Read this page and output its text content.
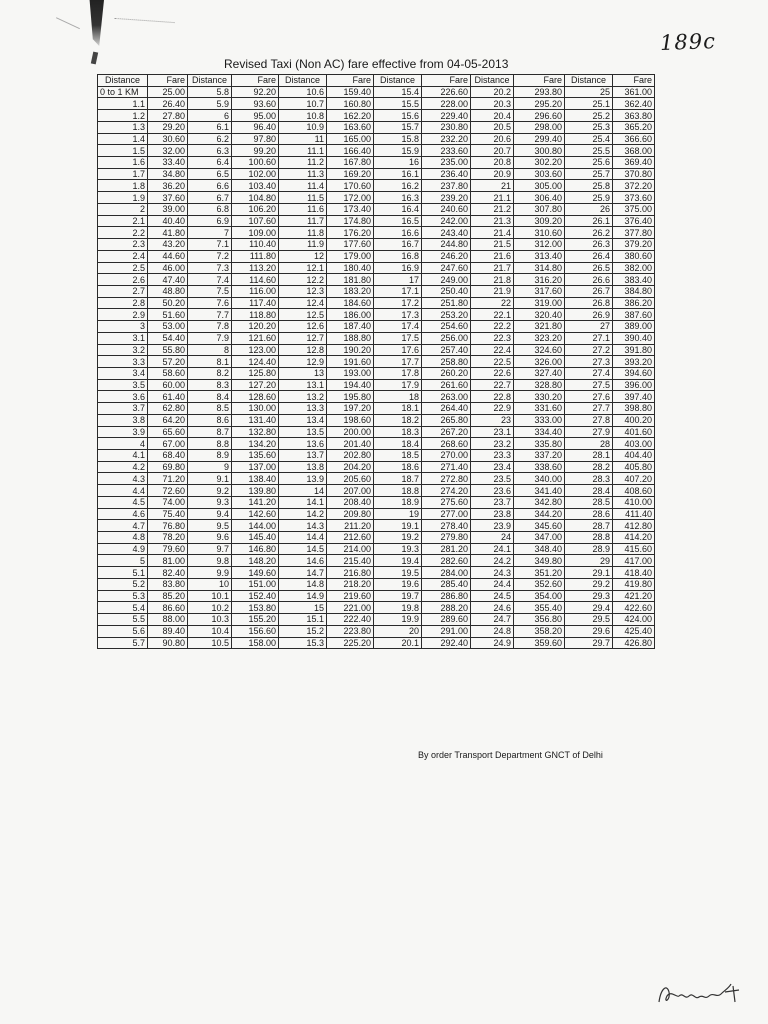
189c
Revised Taxi (Non AC) fare effective from 04-05-2013
Distance	Fare	Distance	Fare	Distance	Fare	Distance	Fare	Distance	Fare	Distance	Fare
0 to 1 KM	25.00	5.8	92.20	10.6	159.40	15.4	226.60	20.2	293.80	25	361.00
1.1	26.40	5.9	93.60	10.7	160.80	15.5	228.00	20.3	295.20	25.1	362.40
1.2	27.80	6	95.00	10.8	162.20	15.6	229.40	20.4	296.60	25.2	363.80
1.3	29.20	6.1	96.40	10.9	163.60	15.7	230.80	20.5	298.00	25.3	365.20
1.4	30.60	6.2	97.80	11	165.00	15.8	232.20	20.6	299.40	25.4	366.60
1.5	32.00	6.3	99.20	11.1	166.40	15.9	233.60	20.7	300.80	25.5	368.00
1.6	33.40	6.4	100.60	11.2	167.80	16	235.00	20.8	302.20	25.6	369.40
1.7	34.80	6.5	102.00	11.3	169.20	16.1	236.40	20.9	303.60	25.7	370.80
1.8	36.20	6.6	103.40	11.4	170.60	16.2	237.80	21	305.00	25.8	372.20
1.9	37.60	6.7	104.80	11.5	172.00	16.3	239.20	21.1	306.40	25.9	373.60
2	39.00	6.8	106.20	11.6	173.40	16.4	240.60	21.2	307.80	26	375.00
2.1	40.40	6.9	107.60	11.7	174.80	16.5	242.00	21.3	309.20	26.1	376.40
2.2	41.80	7	109.00	11.8	176.20	16.6	243.40	21.4	310.60	26.2	377.80
2.3	43.20	7.1	110.40	11.9	177.60	16.7	244.80	21.5	312.00	26.3	379.20
2.4	44.60	7.2	111.80	12	179.00	16.8	246.20	21.6	313.40	26.4	380.60
2.5	46.00	7.3	113.20	12.1	180.40	16.9	247.60	21.7	314.80	26.5	382.00
2.6	47.40	7.4	114.60	12.2	181.80	17	249.00	21.8	316.20	26.6	383.40
2.7	48.80	7.5	116.00	12.3	183.20	17.1	250.40	21.9	317.60	26.7	384.80
2.8	50.20	7.6	117.40	12.4	184.60	17.2	251.80	22	319.00	26.8	386.20
2.9	51.60	7.7	118.80	12.5	186.00	17.3	253.20	22.1	320.40	26.9	387.60
3	53.00	7.8	120.20	12.6	187.40	17.4	254.60	22.2	321.80	27	389.00
3.1	54.40	7.9	121.60	12.7	188.80	17.5	256.00	22.3	323.20	27.1	390.40
3.2	55.80	8	123.00	12.8	190.20	17.6	257.40	22.4	324.60	27.2	391.80
3.3	57.20	8.1	124.40	12.9	191.60	17.7	258.80	22.5	326.00	27.3	393.20
3.4	58.60	8.2	125.80	13	193.00	17.8	260.20	22.6	327.40	27.4	394.60
3.5	60.00	8.3	127.20	13.1	194.40	17.9	261.60	22.7	328.80	27.5	396.00
3.6	61.40	8.4	128.60	13.2	195.80	18	263.00	22.8	330.20	27.6	397.40
3.7	62.80	8.5	130.00	13.3	197.20	18.1	264.40	22.9	331.60	27.7	398.80
3.8	64.20	8.6	131.40	13.4	198.60	18.2	265.80	23	333.00	27.8	400.20
3.9	65.60	8.7	132.80	13.5	200.00	18.3	267.20	23.1	334.40	27.9	401.60
4	67.00	8.8	134.20	13.6	201.40	18.4	268.60	23.2	335.80	28	403.00
4.1	68.40	8.9	135.60	13.7	202.80	18.5	270.00	23.3	337.20	28.1	404.40
4.2	69.80	9	137.00	13.8	204.20	18.6	271.40	23.4	338.60	28.2	405.80
4.3	71.20	9.1	138.40	13.9	205.60	18.7	272.80	23.5	340.00	28.3	407.20
4.4	72.60	9.2	139.80	14	207.00	18.8	274.20	23.6	341.40	28.4	408.60
4.5	74.00	9.3	141.20	14.1	208.40	18.9	275.60	23.7	342.80	28.5	410.00
4.6	75.40	9.4	142.60	14.2	209.80	19	277.00	23.8	344.20	28.6	411.40
4.7	76.80	9.5	144.00	14.3	211.20	19.1	278.40	23.9	345.60	28.7	412.80
4.8	78.20	9.6	145.40	14.4	212.60	19.2	279.80	24	347.00	28.8	414.20
4.9	79.60	9.7	146.80	14.5	214.00	19.3	281.20	24.1	348.40	28.9	415.60
5	81.00	9.8	148.20	14.6	215.40	19.4	282.60	24.2	349.80	29	417.00
5.1	82.40	9.9	149.60	14.7	216.80	19.5	284.00	24.3	351.20	29.1	418.40
5.2	83.80	10	151.00	14.8	218.20	19.6	285.40	24.4	352.60	29.2	419.80
5.3	85.20	10.1	152.40	14.9	219.60	19.7	286.80	24.5	354.00	29.3	421.20
5.4	86.60	10.2	153.80	15	221.00	19.8	288.20	24.6	355.40	29.4	422.60
5.5	88.00	10.3	155.20	15.1	222.40	19.9	289.60	24.7	356.80	29.5	424.00
5.6	89.40	10.4	156.60	15.2	223.80	20	291.00	24.8	358.20	29.6	425.40
5.7	90.80	10.5	158.00	15.3	225.20	20.1	292.40	24.9	359.60	29.7	426.80
By order Transport Department GNCT of Delhi
